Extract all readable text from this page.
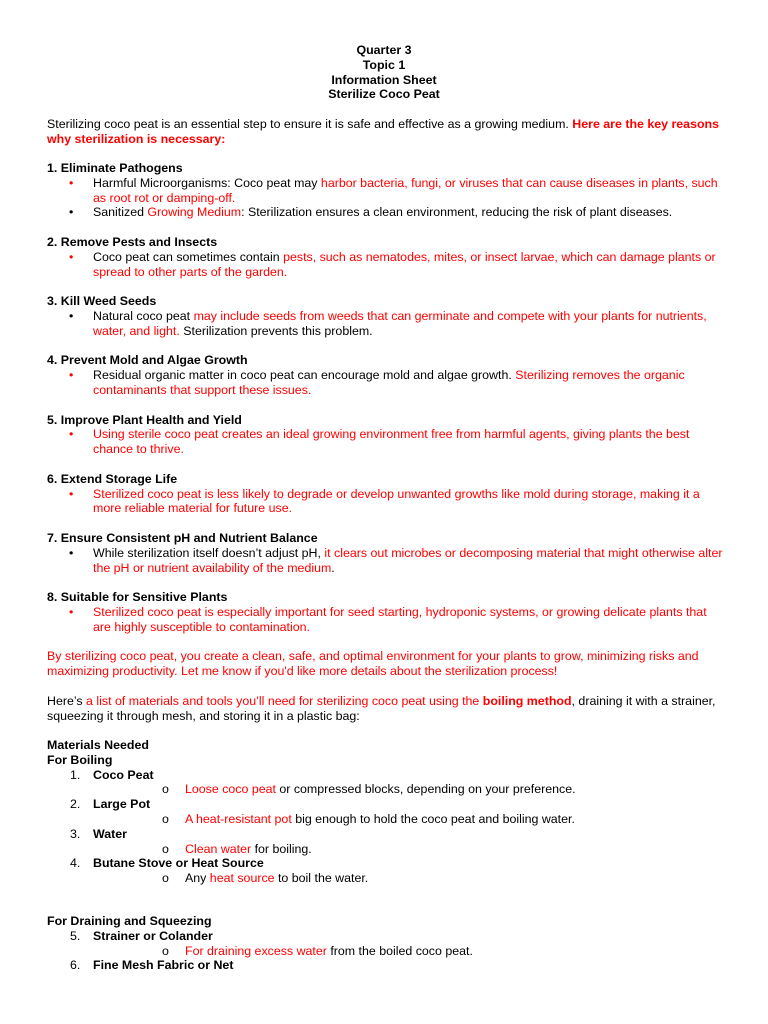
Quarter 3
Topic 1
Information Sheet
Sterilize Coco Peat
Sterilizing coco peat is an essential step to ensure it is safe and effective as a growing medium. Here are the key reasons why sterilization is necessary:
1. Eliminate Pathogens
• Harmful Microorganisms: Coco peat may harbor bacteria, fungi, or viruses that can cause diseases in plants, such as root rot or damping-off.
• Sanitized Growing Medium: Sterilization ensures a clean environment, reducing the risk of plant diseases.
2. Remove Pests and Insects
• Coco peat can sometimes contain pests, such as nematodes, mites, or insect larvae, which can damage plants or spread to other parts of the garden.
3. Kill Weed Seeds
• Natural coco peat may include seeds from weeds that can germinate and compete with your plants for nutrients, water, and light. Sterilization prevents this problem.
4. Prevent Mold and Algae Growth
• Residual organic matter in coco peat can encourage mold and algae growth. Sterilizing removes the organic contaminants that support these issues.
5. Improve Plant Health and Yield
• Using sterile coco peat creates an ideal growing environment free from harmful agents, giving plants the best chance to thrive.
6. Extend Storage Life
• Sterilized coco peat is less likely to degrade or develop unwanted growths like mold during storage, making it a more reliable material for future use.
7. Ensure Consistent pH and Nutrient Balance
• While sterilization itself doesn’t adjust pH, it clears out microbes or decomposing material that might otherwise alter the pH or nutrient availability of the medium.
8. Suitable for Sensitive Plants
• Sterilized coco peat is especially important for seed starting, hydroponic systems, or growing delicate plants that are highly susceptible to contamination.
By sterilizing coco peat, you create a clean, safe, and optimal environment for your plants to grow, minimizing risks and maximizing productivity. Let me know if you'd like more details about the sterilization process!
Here’s a list of materials and tools you’ll need for sterilizing coco peat using the boiling method, draining it with a strainer, squeezing it through mesh, and storing it in a plastic bag:
Materials Needed
For Boiling
1. Coco Peat
o Loose coco peat or compressed blocks, depending on your preference.
2. Large Pot
o A heat-resistant pot big enough to hold the coco peat and boiling water.
3. Water
o Clean water for boiling.
4. Butane Stove or Heat Source
o Any heat source to boil the water.
For Draining and Squeezing
5. Strainer or Colander
o For draining excess water from the boiled coco peat.
6. Fine Mesh Fabric or Net
